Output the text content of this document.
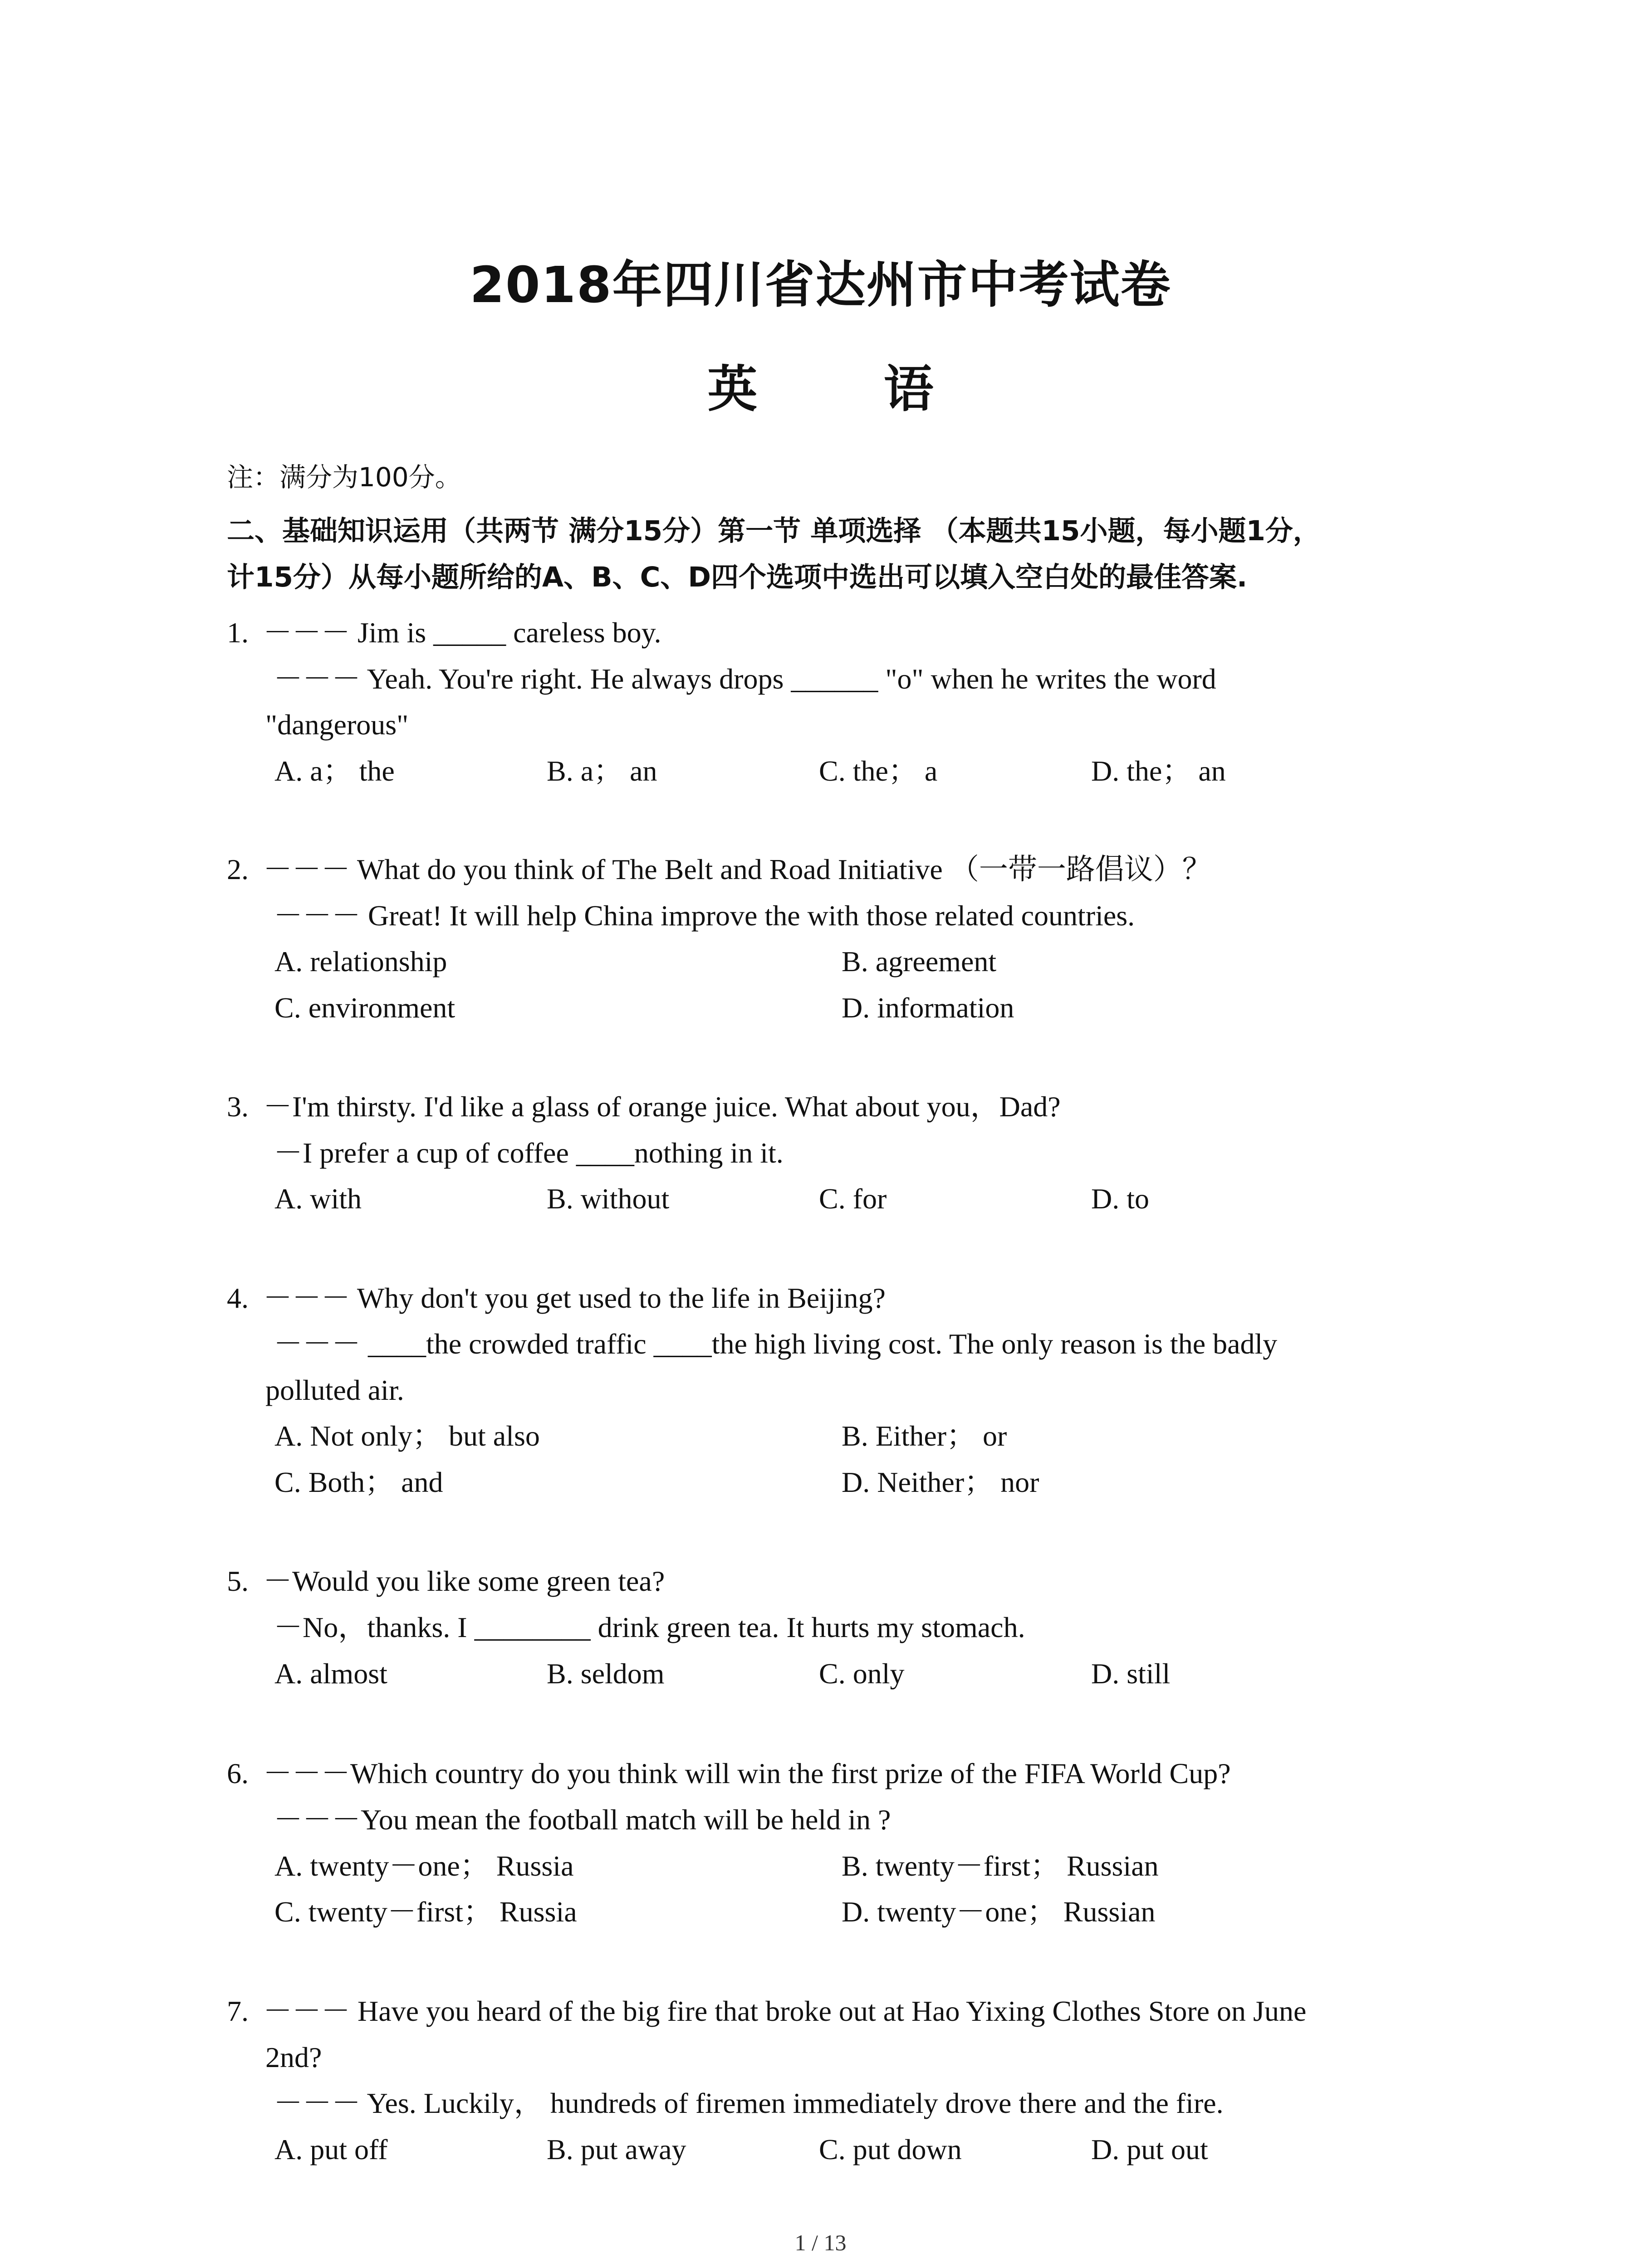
2018年四川省达州市中考试卷
英 语
注：满分为100分。
二、基础知识运用（共两节 满分15分）第一节 单项选择 （本题共15小题，每小题1分，
计15分）从每小题所给的A、B、C、D四个选项中选出可以填入空白处的最佳答案.
1. －－－ Jim is _____ careless boy.
－－－ Yeah. You're right. He always drops ______ "o" when he writes the word
"dangerous"
A. a； the	B. a； an	C. the； a	D. the； an
2. －－－ What do you think of The Belt and Road Initiative （一带一路倡议）？
－－－ Great! It will help China improve the with those related countries.
A. relationship	B. agreement
C. environment	D. information
3. －I'm thirsty. I'd like a glass of orange juice. What about you，Dad?
－I prefer a cup of coffee ____nothing in it.
A. with	B. without	C. for	D. to
4. －－－ Why don't you get used to the life in Beijing?
－－－ ____the crowded traffic ____the high living cost. The only reason is the badly
polluted air.
A. Not only； but also	B. Either； or
C. Both； and	D. Neither； nor
5. －Would you like some green tea?
－No，thanks. I ________ drink green tea. It hurts my stomach.
A. almost	B. seldom	C. only	D. still
6. －－－Which country do you think will win the first prize of the FIFA World Cup?
－－－You mean the football match will be held in ?
A. twenty－one； Russia	B. twenty－first； Russian
C. twenty－first； Russia	D. twenty－one； Russian
7. －－－ Have you heard of the big fire that broke out at Hao Yixing Clothes Store on June
2nd?
－－－ Yes. Luckily， hundreds of firemen immediately drove there and the fire.
A. put off	B. put away	C. put down	D. put out
1 / 13
